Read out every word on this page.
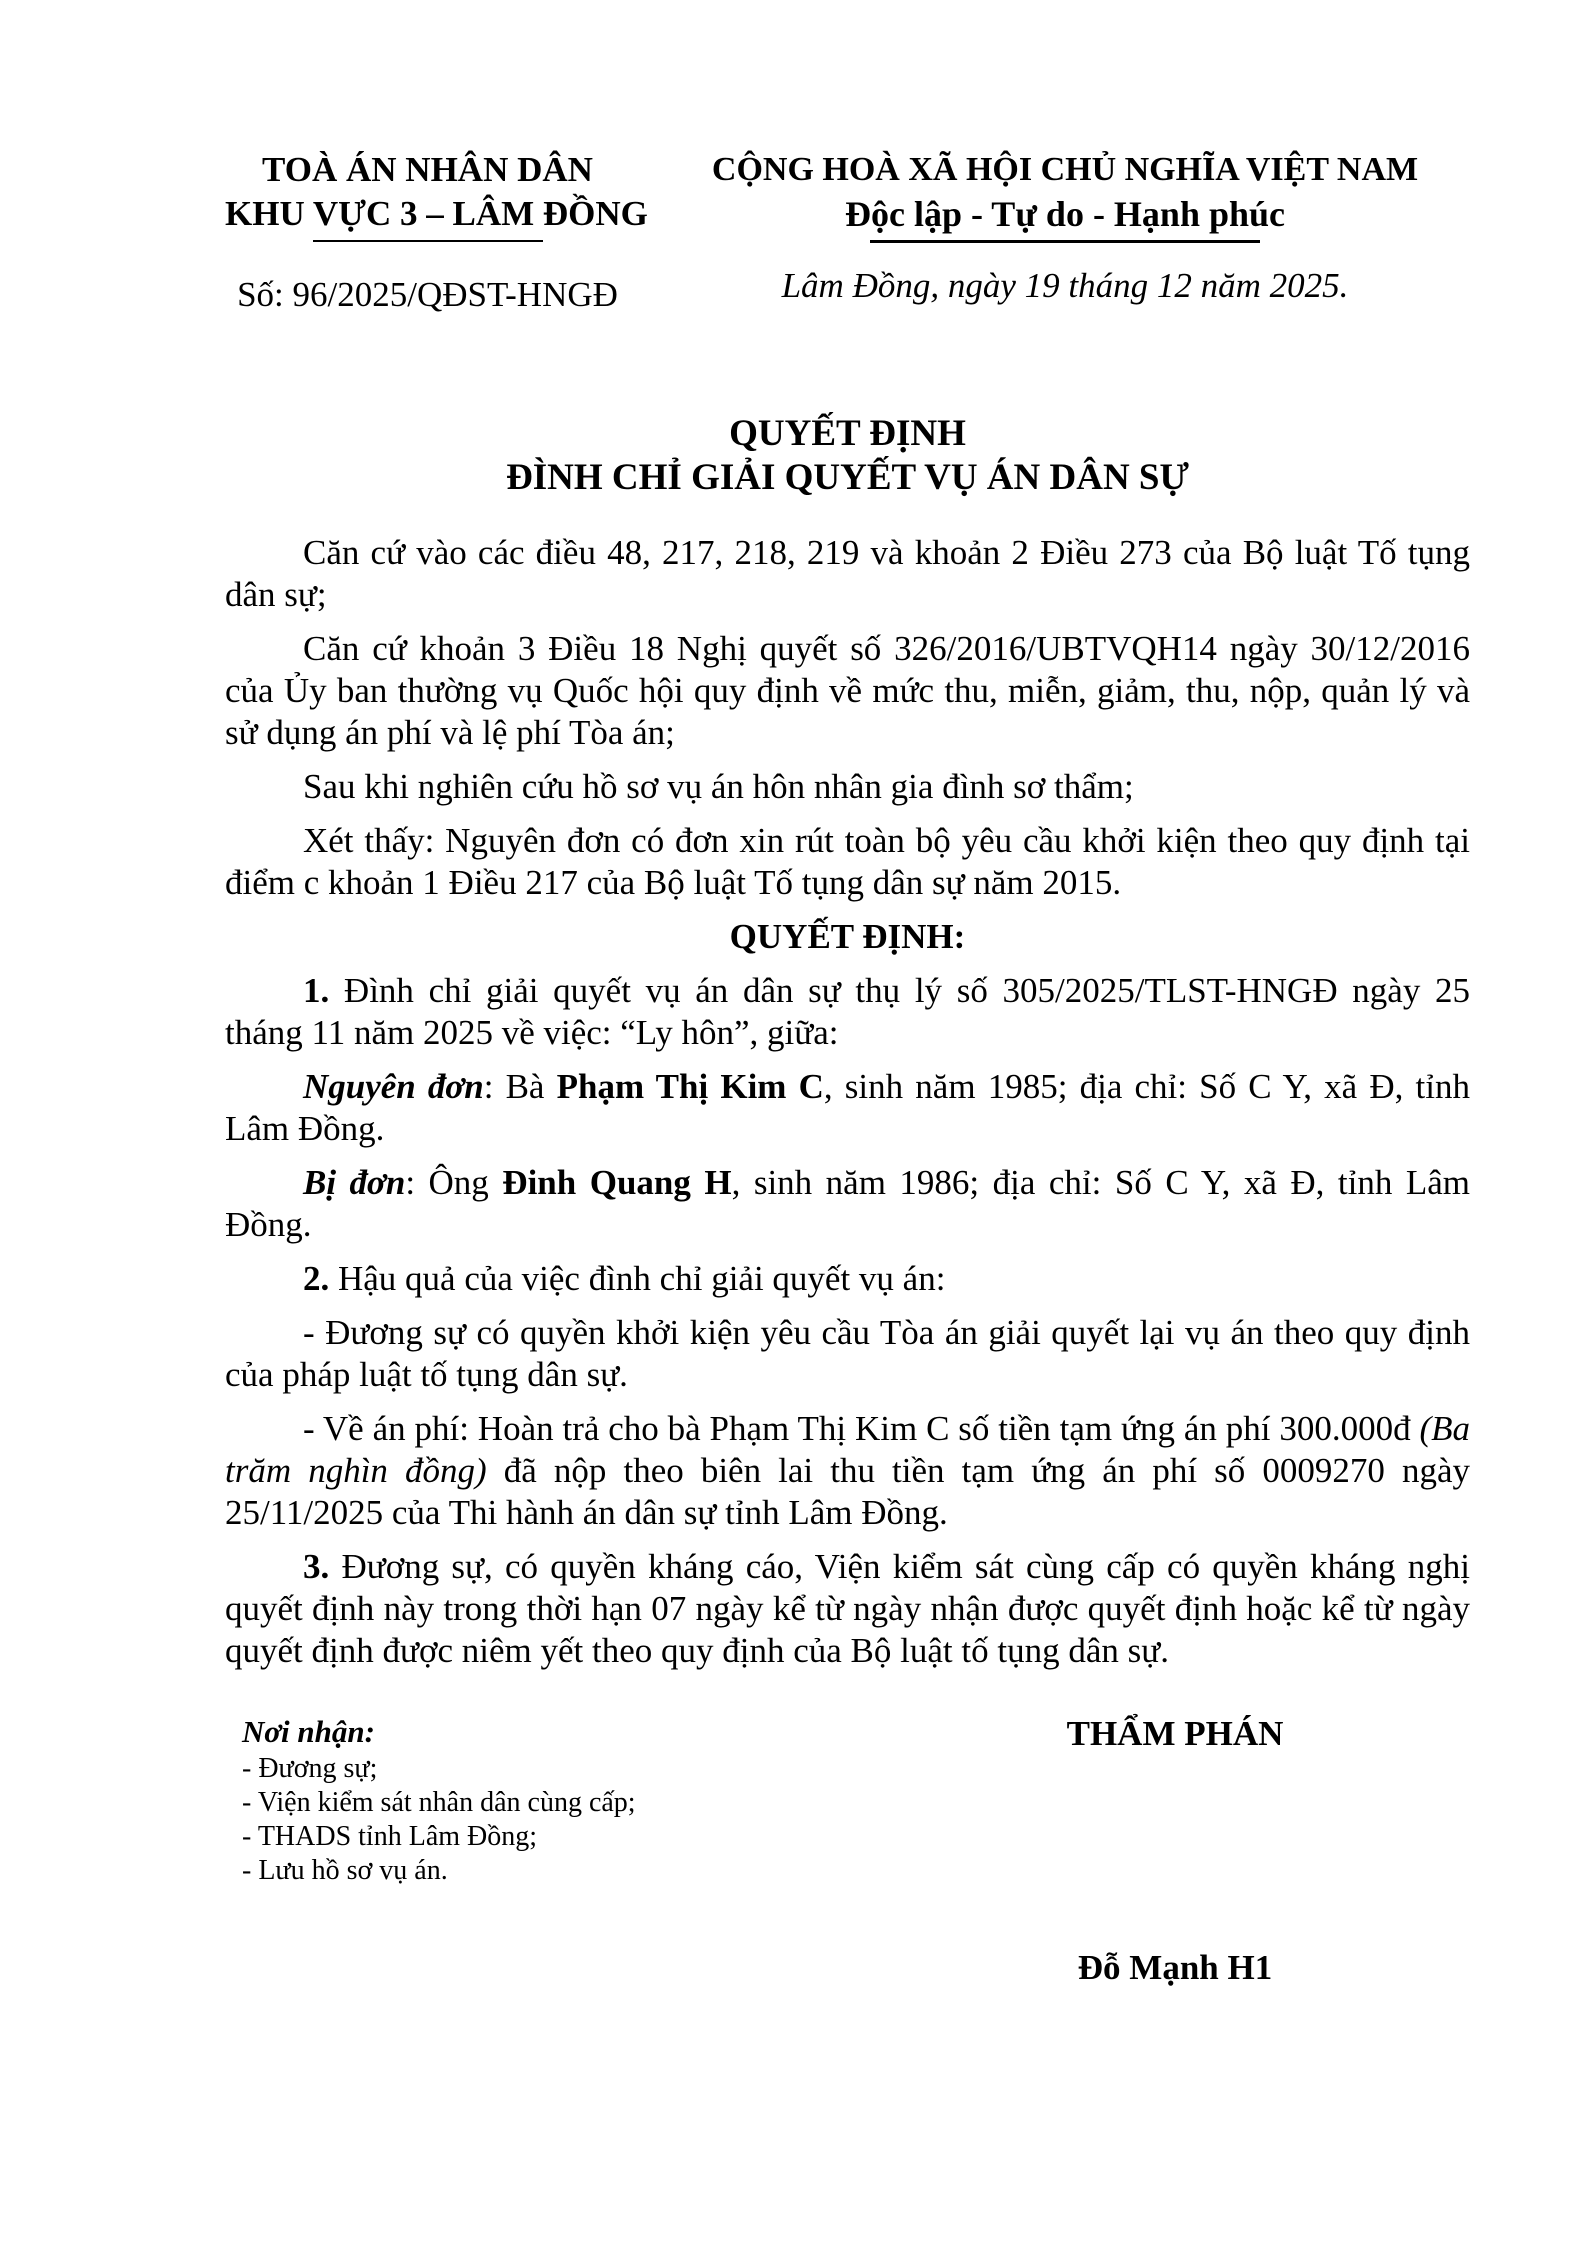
TOÀ ÁN NHÂN DÂN
KHU VỰC 3 – LÂM ĐỒNG
Số: 96/2025/QĐST-HNGĐ
CỘNG HOÀ XÃ HỘI CHỦ NGHĨA VIỆT NAM
Độc lập - Tự do - Hạnh phúc
Lâm Đồng, ngày 19 tháng 12 năm 2025.
QUYẾT ĐỊNH
ĐÌNH CHỈ GIẢI QUYẾT VỤ ÁN DÂN SỰ

Căn cứ vào các điều 48, 217, 218, 219 và khoản 2 Điều 273 của Bộ luật Tố tụng dân sự;

Căn cứ khoản 3 Điều 18 Nghị quyết số 326/2016/UBTVQH14 ngày 30/12/2016 của Ủy ban thường vụ Quốc hội quy định về mức thu, miễn, giảm, thu, nộp, quản lý và sử dụng án phí và lệ phí Tòa án;

Sau khi nghiên cứu hồ sơ vụ án hôn nhân gia đình sơ thẩm;

Xét thấy: Nguyên đơn có đơn xin rút toàn bộ yêu cầu khởi kiện theo quy định tại điểm c khoản 1 Điều 217 của Bộ luật Tố tụng dân sự năm 2015.

QUYẾT ĐỊNH:

1. Đình chỉ giải quyết vụ án dân sự thụ lý số 305/2025/TLST-HNGĐ ngày 25 tháng 11 năm 2025 về việc: “Ly hôn”, giữa:

Nguyên đơn: Bà Phạm Thị Kim C, sinh năm 1985; địa chỉ: Số C Y, xã Đ, tỉnh Lâm Đồng.

Bị đơn: Ông Đinh Quang H, sinh năm 1986; địa chỉ: Số C Y, xã Đ, tỉnh Lâm Đồng.

2. Hậu quả của việc đình chỉ giải quyết vụ án:

- Đương sự có quyền khởi kiện yêu cầu Tòa án giải quyết lại vụ án theo quy định của pháp luật tố tụng dân sự.

- Về án phí: Hoàn trả cho bà Phạm Thị Kim C số tiền tạm ứng án phí 300.000đ (Ba trăm nghìn đồng) đã nộp theo biên lai thu tiền tạm ứng án phí số 0009270 ngày 25/11/2025 của Thi hành án dân sự tỉnh Lâm Đồng.

3. Đương sự, có quyền kháng cáo, Viện kiểm sát cùng cấp có quyền kháng nghị quyết định này trong thời hạn 07 ngày kể từ ngày nhận được quyết định hoặc kể từ ngày quyết định được niêm yết theo quy định của Bộ luật tố tụng dân sự.

Nơi nhận:
- Đương sự;
- Viện kiểm sát nhân dân cùng cấp;
- THADS tỉnh Lâm Đồng;
- Lưu hồ sơ vụ án.
THẨM PHÁN
Đỗ Mạnh H1
